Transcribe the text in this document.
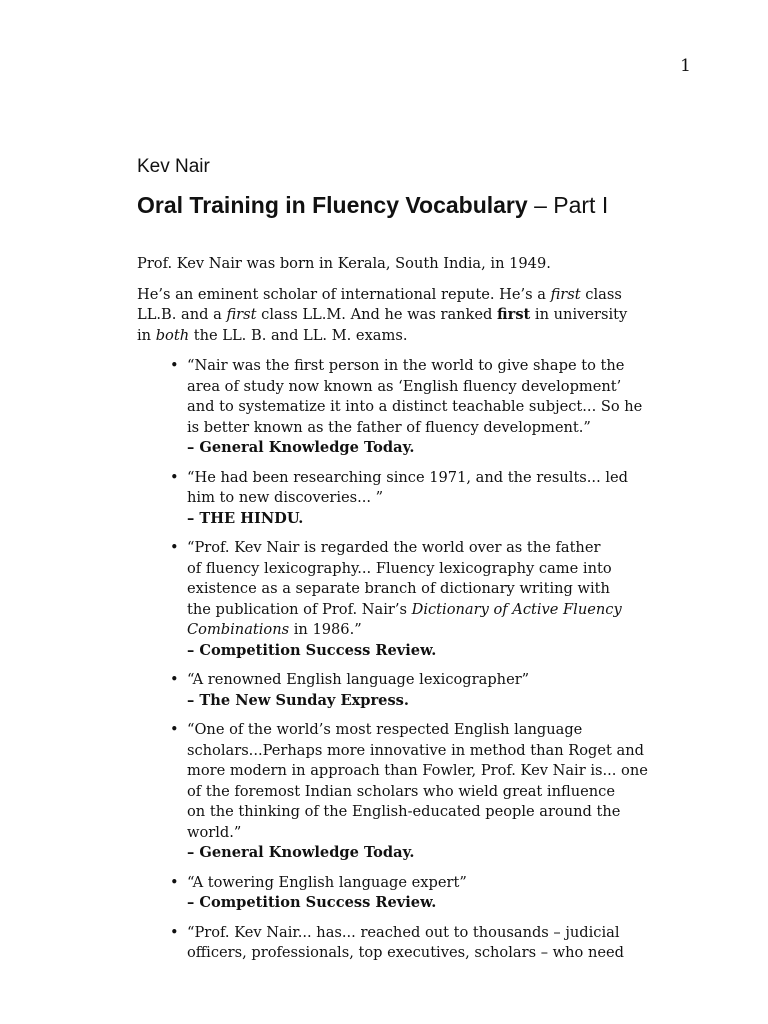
1
Kev Nair
Oral Training in Fluency Vocabulary – Part I

Prof. Kev Nair was born in Kerala, South India, in 1949.

He’s an eminent scholar of international repute. He’s a first class
LL.B. and a first class LL.M. And he was ranked first in university
in both the LL. B. and LL. M. exams.

• “Nair was the first person in the world to give shape to the
area of study now known as ‘English fluency development’
and to systematize it into a distinct teachable subject... So he
is better known as the father of fluency development.”
– General Knowledge Today.
• “He had been researching since 1971, and the results... led
him to new discoveries... ”
– THE HINDU.
• “Prof. Kev Nair is regarded the world over as the father
of fluency lexicography... Fluency lexicography came into
existence as a separate branch of dictionary writing with
the publication of Prof. Nair’s Dictionary of Active Fluency
Combinations in 1986.”
– Competition Success Review.
• “A renowned English language lexicographer”
– The New Sunday Express.
• “One of the world’s most respected English language
scholars...Perhaps more innovative in method than Roget and
more modern in approach than Fowler, Prof. Kev Nair is... one
of the foremost Indian scholars who wield great influence
on the thinking of the English-educated people around the
world.”
– General Knowledge Today.
• “A towering English language expert”
– Competition Success Review.
• “Prof. Kev Nair... has... reached out to thousands – judicial
officers, professionals, top executives, scholars – who need
